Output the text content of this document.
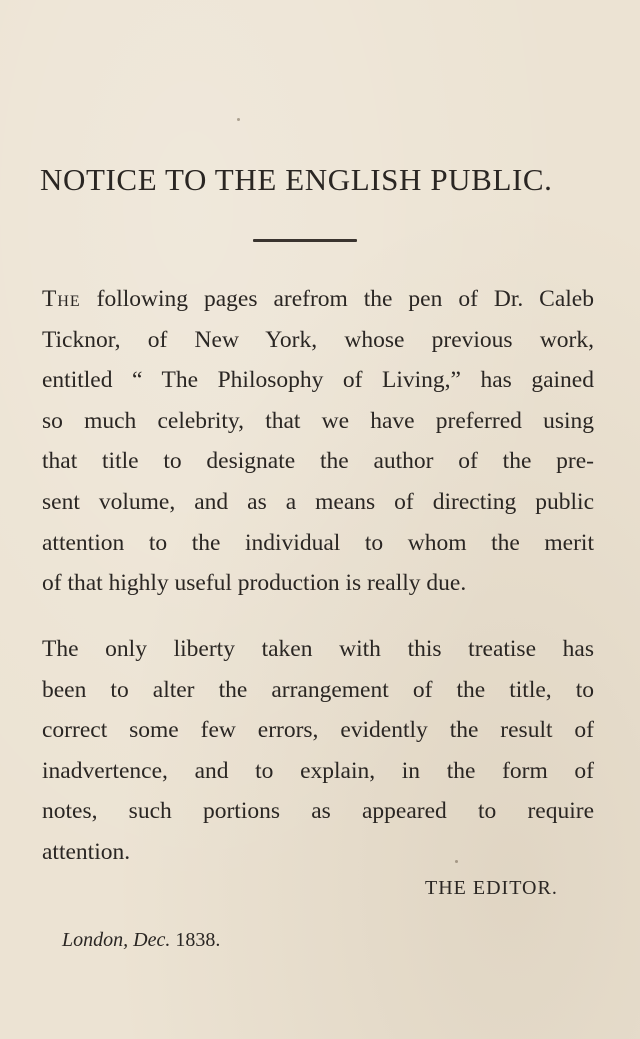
NOTICE TO THE ENGLISH PUBLIC.

The following pages arefrom the pen of Dr. Caleb
Ticknor, of New York, whose previous work,
entitled “ The Philosophy of Living,” has gained
so much celebrity, that we have preferred using
that title to designate the author of the pre-
sent volume, and as a means of directing public
attention to the individual to whom the merit
of that highly useful production is really due.

The only liberty taken with this treatise has
been to alter the arrangement of the title, to
correct some few errors, evidently the result of
inadvertence, and to explain, in the form of
notes, such portions as appeared to require
attention.

THE EDITOR.
London, Dec. 1838.
